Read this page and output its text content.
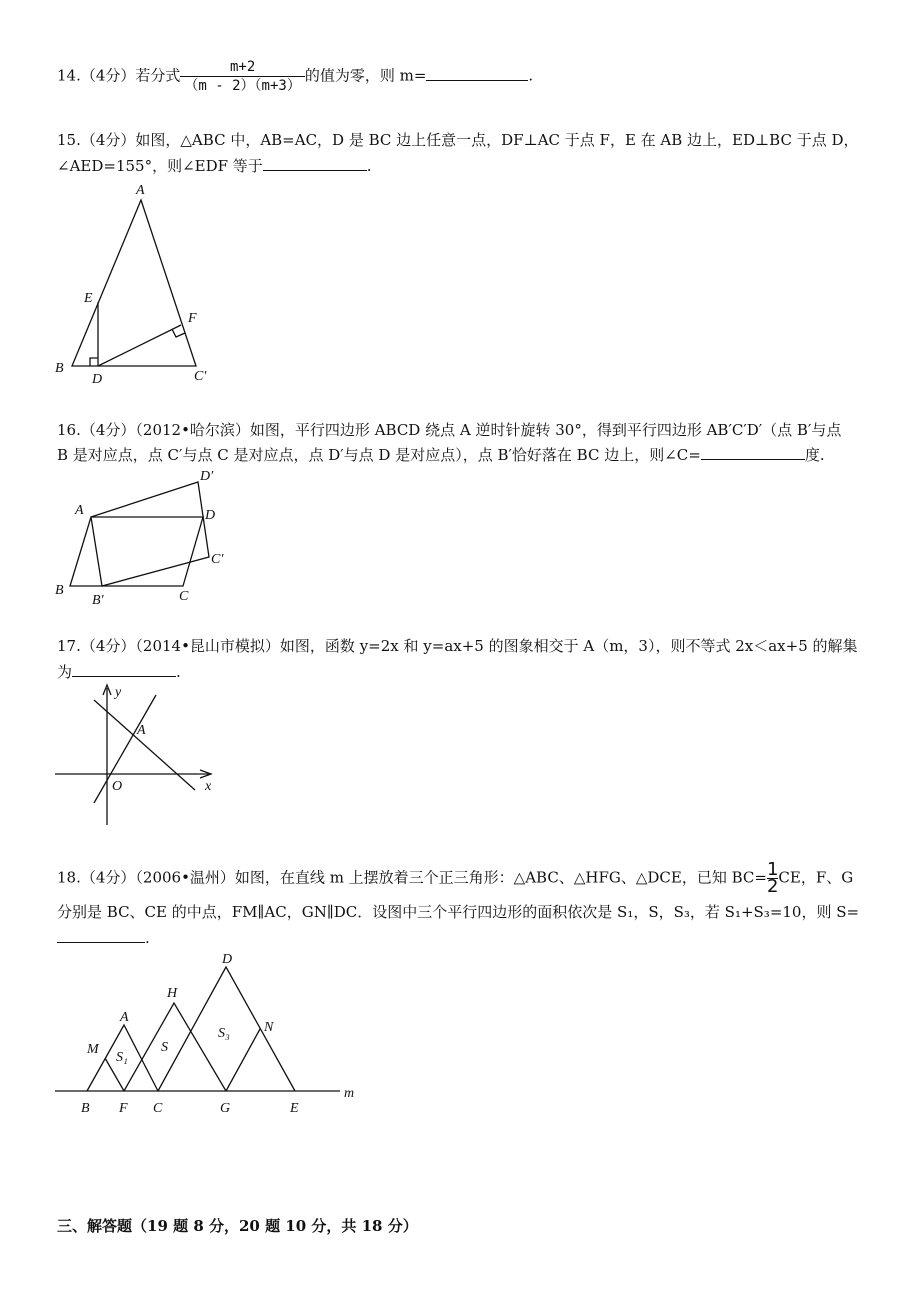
14.（4分）若分式 $\frac{m+2}{(m - 2)(m+3)}$ 的值为零，则 m=	.
15.（4分）如图，△ABC 中，AB=AC，D 是 BC 边上任意一点，DF⊥AC 于点 F，E 在 AB 边上，ED⊥BC 于点 D，
∠AED=155°，则∠EDF 等于	.
A
E
F
B
D	C'
16.（4分）（2012•哈尔滨）如图，平行四边形 ABCD 绕点 A 逆时针旋转 30°，得到平行四边形 AB′C′D′（点 B′与点
B 是对应点，点 C′与点 C 是对应点，点 D′与点 D 是对应点），点 B′恰好落在 BC 边上，则∠C=	度.
A	D
D′
C′
B
B′	C
17.（4分）（2014•昆山市模拟）如图，函数 y=2x 和 y=ax+5 的图象相交于 A（m，3），则不等式 2x＜ax+5 的解集
为	.
y
A
O	x
18.（4分）（2006•温州）如图，在直线 m 上摆放着三个正三角形：△ABC、△HFG、△DCE，已知 $BC= \frac{1}{2}CE$，F、G
分别是 BC、CE 的中点，FM∥AC，GN∥DC．设图中三个平行四边形的面积依次是 S₁，S，S₃，若 S₁+S₃=10，则 S=
.
D
H
A
M
N
S₁
S
S₃
B F C	G	E
m
三、解答题（19 题 8 分，20 题 10 分，共 18 分）
